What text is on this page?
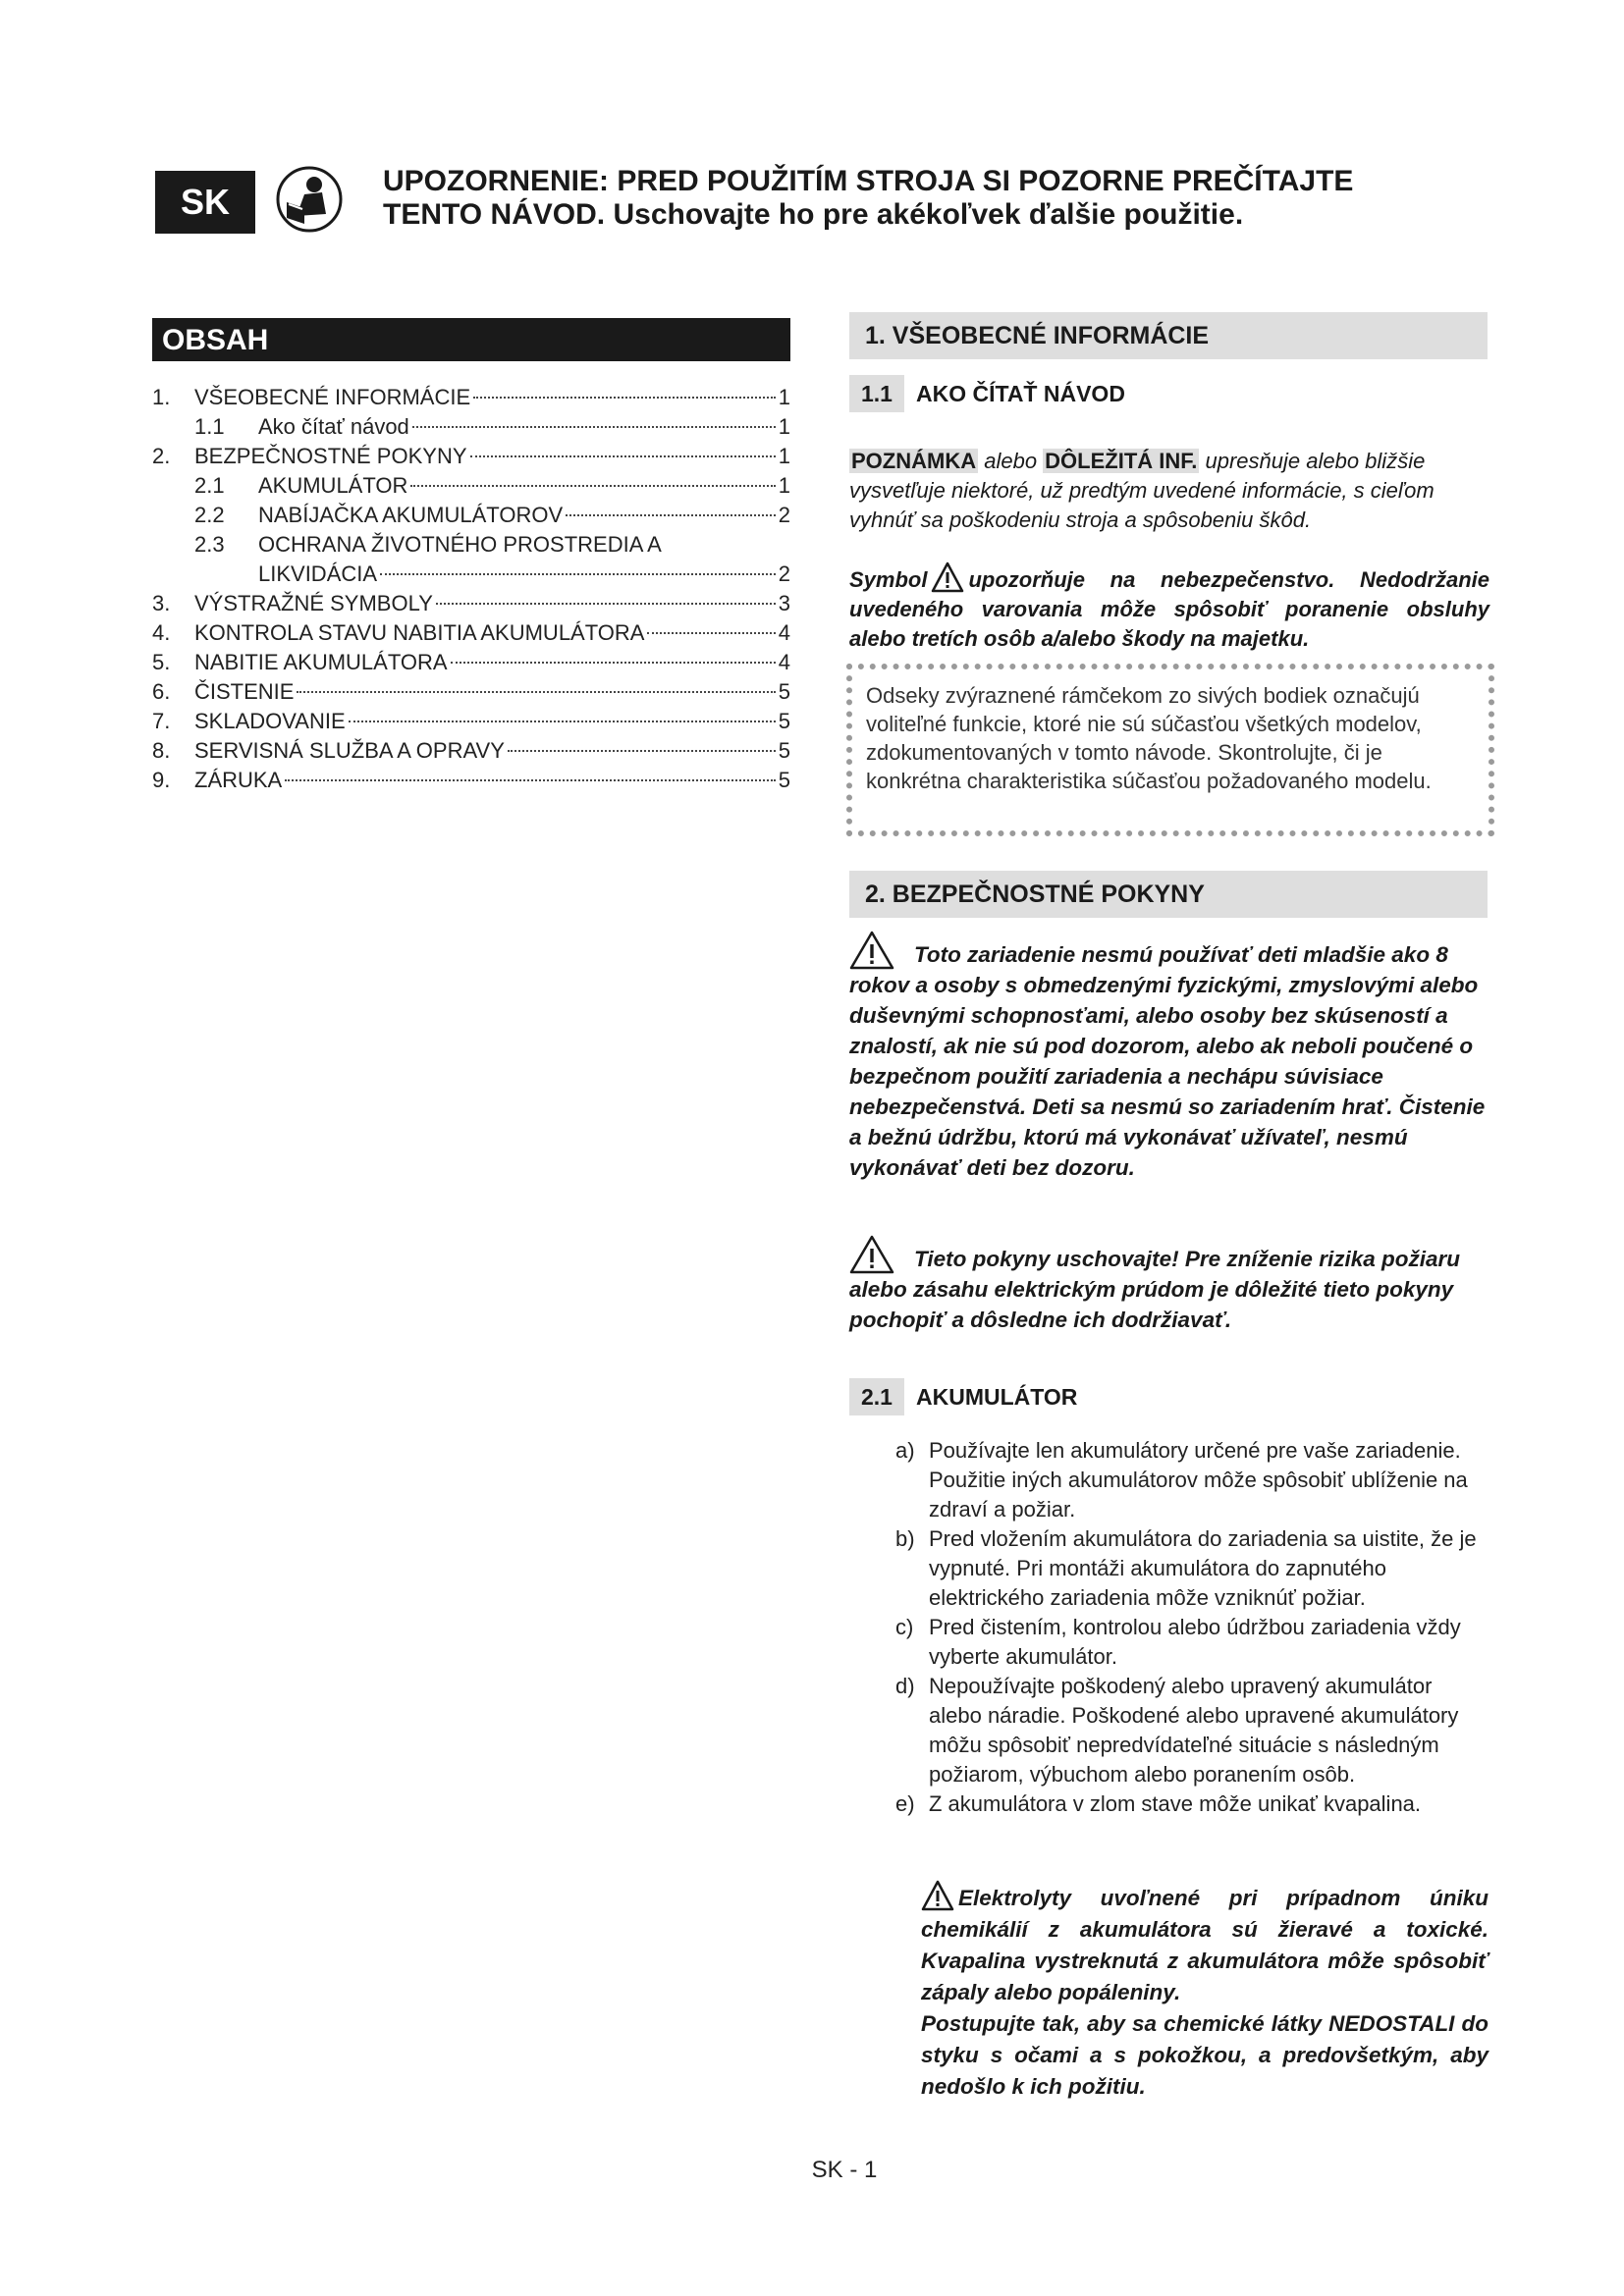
SK
UPOZORNENIE: PRED POUŽITÍM STROJA SI POZORNE PREČÍTAJTE
TENTO NÁVOD. Uschovajte ho pre akékoľvek ďalšie použitie.
OBSAH
1.	VŠEOBECNÉ INFORMÁCIE	1
1.1	Ako čítať návod	1
2.	BEZPEČNOSTNÉ POKYNY	1
2.1	AKUMULÁTOR	1
2.2	NABÍJAČKA AKUMULÁTOROV	2
2.3	OCHRANA ŽIVOTNÉHO PROSTREDIA A
LIKVIDÁCIA	2
3.	VÝSTRAŽNÉ SYMBOLY	3
4.	KONTROLA STAVU NABITIA AKUMULÁTORA	4
5.	NABITIE AKUMULÁTORA	4
6.	ČISTENIE	5
7.	SKLADOVANIE	5
8.	SERVISNÁ SLUŽBA A OPRAVY	5
9.	ZÁRUKA	5
1. VŠEOBECNÉ INFORMÁCIE
1.1	AKO ČÍTAŤ NÁVOD
POZNÁMKA alebo DÔLEŽITÁ INF. upresňuje alebo bližšie vysvetľuje niektoré, už predtým uvedené informácie, s cieľom vyhnúť sa poškodeniu stroja a spôsobeniu škôd.
Symbol upozorňuje na nebezpečenstvo. Nedodržanie uvedeného varovania môže spôsobiť poranenie obsluhy alebo tretích osôb a/alebo škody na majetku.
Odseky zvýraznené rámčekom zo sivých bodiek označujú voliteľné funkcie, ktoré nie sú súčasťou všetkých modelov, zdokumentovaných v tomto návode. Skontrolujte, či je konkrétna charakteristika súčasťou požadovaného modelu.
2. BEZPEČNOSTNÉ POKYNY
Toto zariadenie nesmú používať deti mladšie ako 8 rokov a osoby s obmedzenými fyzickými, zmyslovými alebo duševnými schopnosťami, alebo osoby bez skúseností a znalostí, ak nie sú pod dozorom, alebo ak neboli poučené o bezpečnom použití zariadenia a nechápu súvisiace nebezpečenstvá. Deti sa nesmú so zariadením hrať. Čistenie a bežnú údržbu, ktorú má vykonávať užívateľ, nesmú vykonávať deti bez dozoru.
Tieto pokyny uschovajte! Pre zníženie rizika požiaru alebo zásahu elektrickým prúdom je dôležité tieto pokyny pochopiť a dôsledne ich dodržiavať.
2.1	AKUMULÁTOR
a) Používajte len akumulátory určené pre vaše zariadenie. Použitie iných akumulátorov môže spôsobiť ublíženie na zdraví a požiar.
b) Pred vložením akumulátora do zariadenia sa uistite, že je vypnuté. Pri montáži akumulátora do zapnutého elektrického zariadenia môže vzniknúť požiar.
c) Pred čistením, kontrolou alebo údržbou zariadenia vždy vyberte akumulátor.
d) Nepoužívajte poškodený alebo upravený akumulátor alebo náradie. Poškodené alebo upravené akumulátory môžu spôsobiť nepredvídateľné situácie s následným požiarom, výbuchom alebo poranením osôb.
e) Z akumulátora v zlom stave môže unikať kvapalina.
Elektrolyty uvoľnené pri prípadnom úniku chemikálií z akumulátora sú žieravé a toxické. Kvapalina vystreknutá z akumulátora môže spôsobiť zápaly alebo popáleniny.
Postupujte tak, aby sa chemické látky NEDOSTALI do styku s očami a s pokožkou, a predovšetkým, aby nedošlo k ich požitiu.
SK - 1
